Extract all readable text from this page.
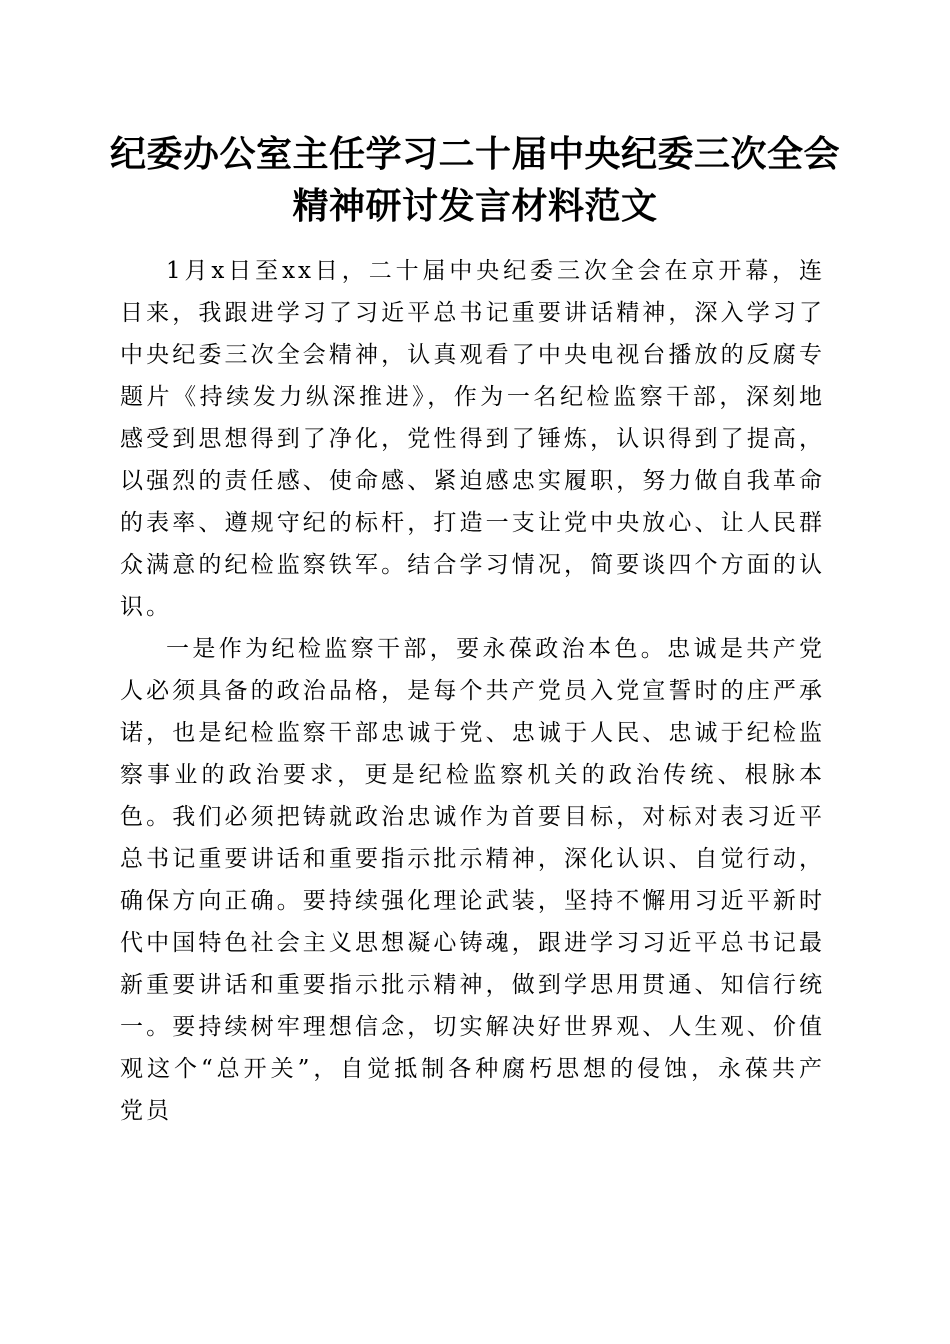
纪委办公室主任学习二十届中央纪委三次全会
精神研讨发言材料范文

1月x日至xx日，二十届中央纪委三次全会在京开幕，连日来，我跟进学习了习近平总书记重要讲话精神，深入学习了中央纪委三次全会精神，认真观看了中央电视台播放的反腐专题片《持续发力纵深推进》，作为一名纪检监察干部，深刻地感受到思想得到了净化，党性得到了锤炼，认识得到了提高，以强烈的责任感、使命感、紧迫感忠实履职，努力做自我革命的表率、遵规守纪的标杆，打造一支让党中央放心、让人民群众满意的纪检监察铁军。结合学习情况，简要谈四个方面的认识。

一是作为纪检监察干部，要永葆政治本色。忠诚是共产党人必须具备的政治品格，是每个共产党员入党宣誓时的庄严承诺，也是纪检监察干部忠诚于党、忠诚于人民、忠诚于纪检监察事业的政治要求，更是纪检监察机关的政治传统、根脉本色。我们必须把铸就政治忠诚作为首要目标，对标对表习近平总书记重要讲话和重要指示批示精神，深化认识、自觉行动，确保方向正确。要持续强化理论武装，坚持不懈用习近平新时代中国特色社会主义思想凝心铸魂，跟进学习习近平总书记最新重要讲话和重要指示批示精神，做到学思用贯通、知信行统一。要持续树牢理想信念，切实解决好世界观、人生观、价值观这个“总开关”，自觉抵制各种腐朽思想的侵蚀，永葆共产党员
